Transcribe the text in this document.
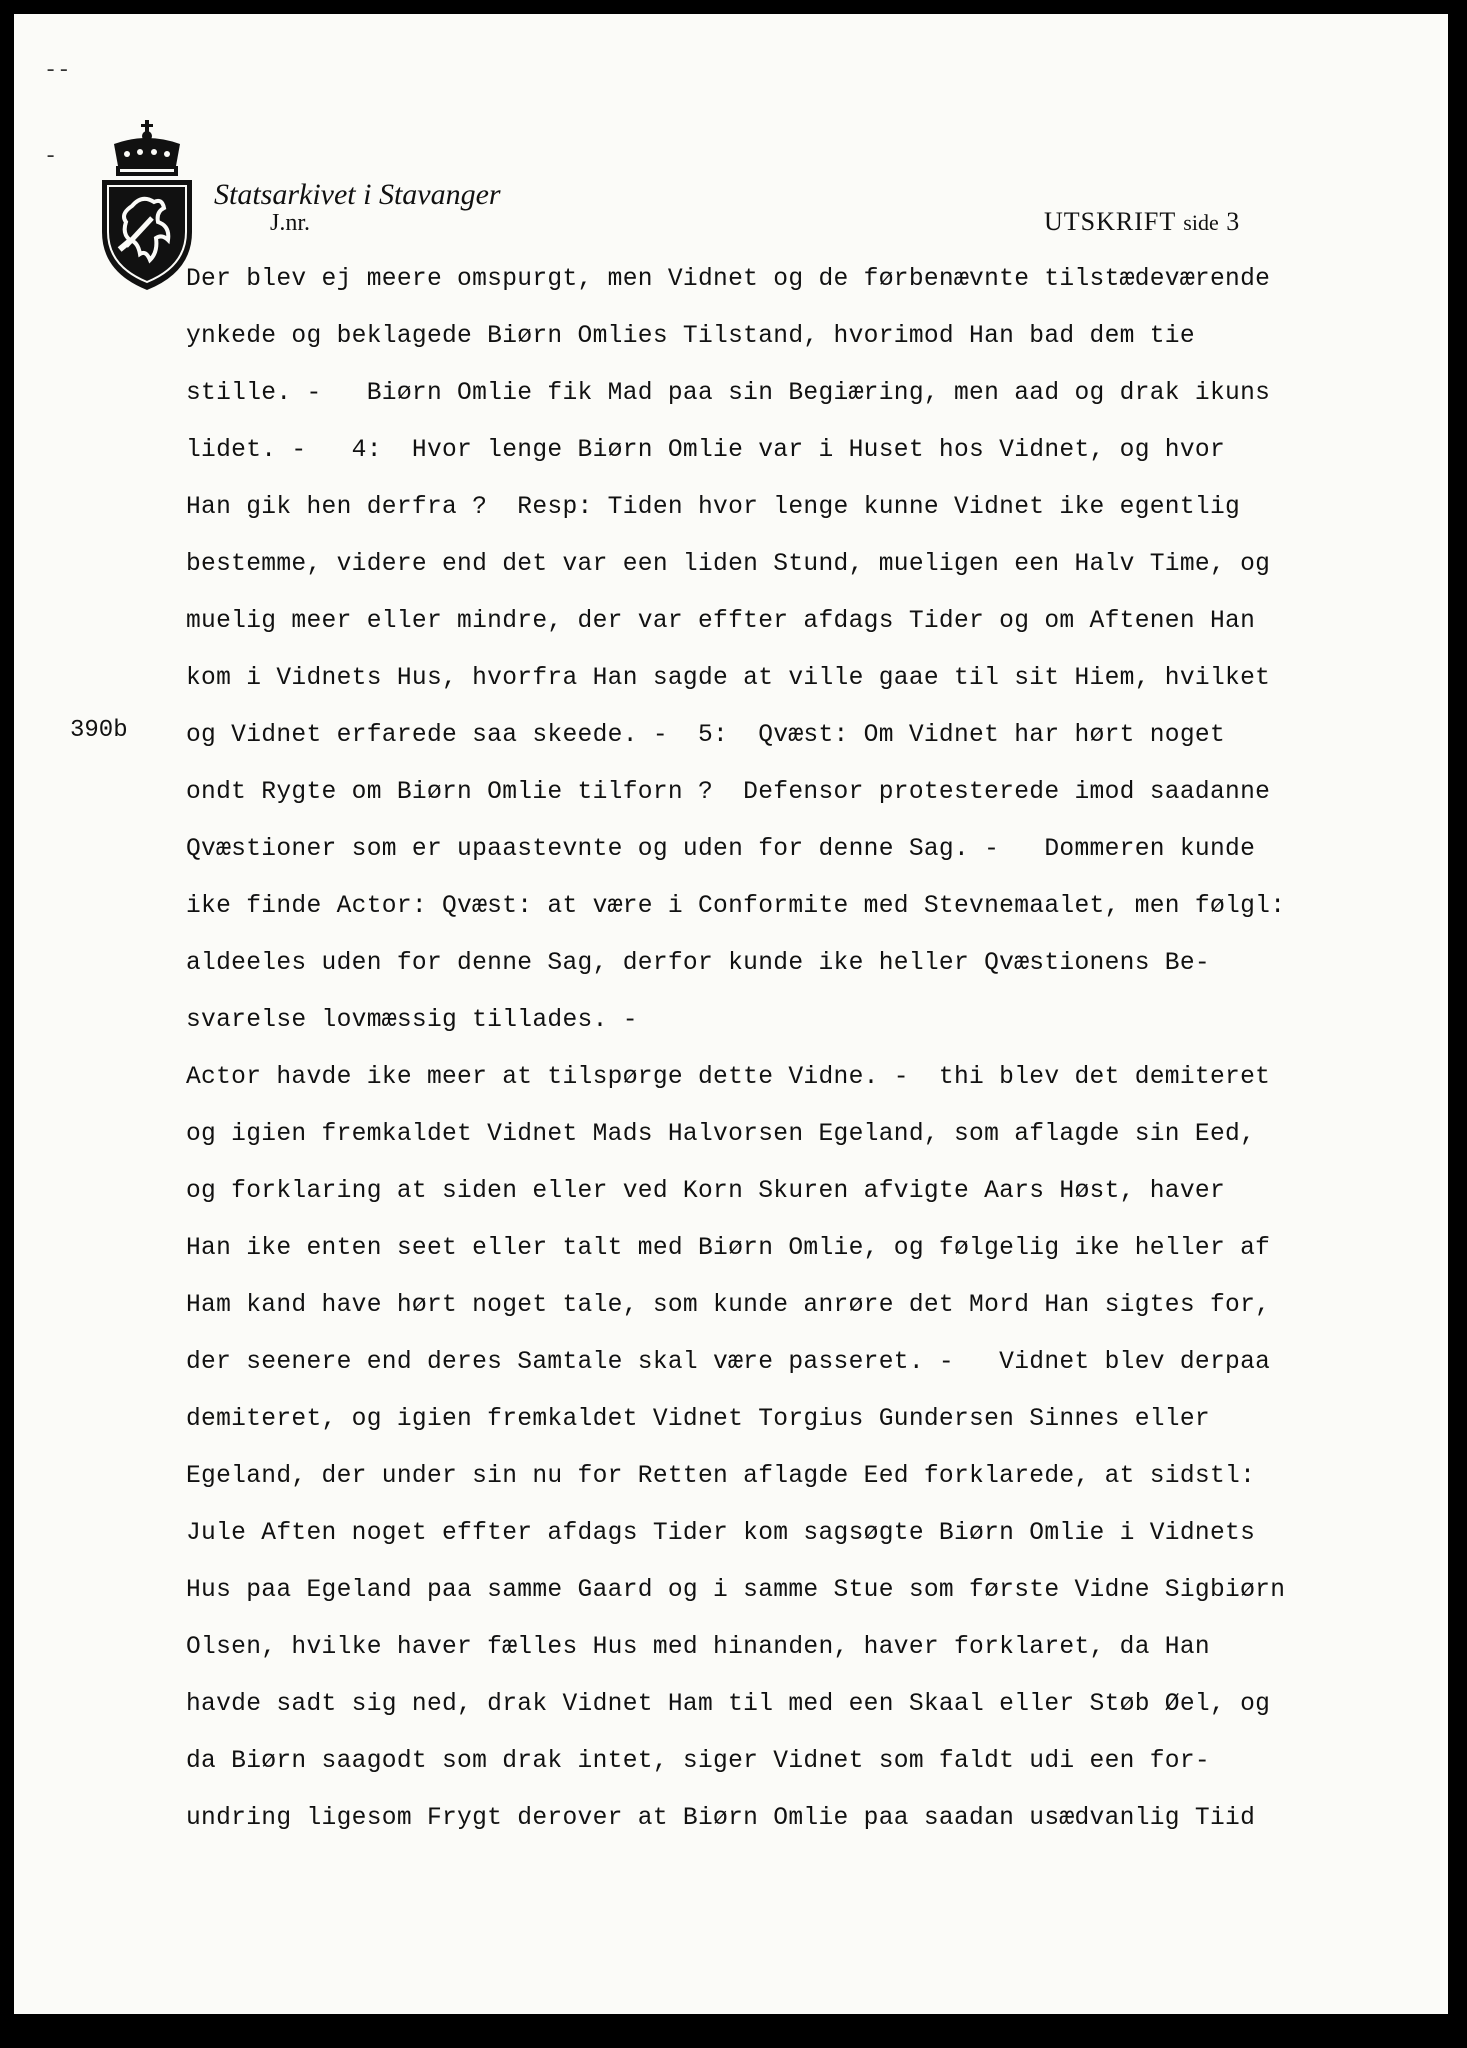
--
-
Statsarkivet i Stavanger
J.nr.	UTSKRIFT side 3
390b
Der blev ej meere omspurgt, men Vidnet og de førbenævnte tilstædeværende
ynkede og beklagede Biørn Omlies Tilstand, hvorimod Han bad dem tie
stille. -   Biørn Omlie fik Mad paa sin Begiæring, men aad og drak ikuns
lidet. -   4:  Hvor lenge Biørn Omlie var i Huset hos Vidnet, og hvor
Han gik hen derfra ?  Resp: Tiden hvor lenge kunne Vidnet ike egentlig
bestemme, videre end det var een liden Stund, mueligen een Halv Time, og
muelig meer eller mindre, der var effter afdags Tider og om Aftenen Han
kom i Vidnets Hus, hvorfra Han sagde at ville gaae til sit Hiem, hvilket
og Vidnet erfarede saa skeede. -  5:  Qvæst: Om Vidnet har hørt noget
ondt Rygte om Biørn Omlie tilforn ?  Defensor protesterede imod saadanne
Qvæstioner som er upaastevnte og uden for denne Sag. -   Dommeren kunde
ike finde Actor: Qvæst: at være i Conformite med Stevnemaalet, men følgl:
aldeeles uden for denne Sag, derfor kunde ike heller Qvæstionens Be-
svarelse lovmæssig tillades. -
Actor havde ike meer at tilspørge dette Vidne. -  thi blev det demiteret
og igien fremkaldet Vidnet Mads Halvorsen Egeland, som aflagde sin Eed,
og forklaring at siden eller ved Korn Skuren afvigte Aars Høst, haver
Han ike enten seet eller talt med Biørn Omlie, og følgelig ike heller af
Ham kand have hørt noget tale, som kunde anrøre det Mord Han sigtes for,
der seenere end deres Samtale skal være passeret. -   Vidnet blev derpaa
demiteret, og igien fremkaldet Vidnet Torgius Gundersen Sinnes eller
Egeland, der under sin nu for Retten aflagde Eed forklarede, at sidstl:
Jule Aften noget effter afdags Tider kom sagsøgte Biørn Omlie i Vidnets
Hus paa Egeland paa samme Gaard og i samme Stue som første Vidne Sigbiørn
Olsen, hvilke haver fælles Hus med hinanden, haver forklaret, da Han
havde sadt sig ned, drak Vidnet Ham til med een Skaal eller Støb Øel, og
da Biørn saagodt som drak intet, siger Vidnet som faldt udi een for-
undring ligesom Frygt derover at Biørn Omlie paa saadan usædvanlig Tiid
